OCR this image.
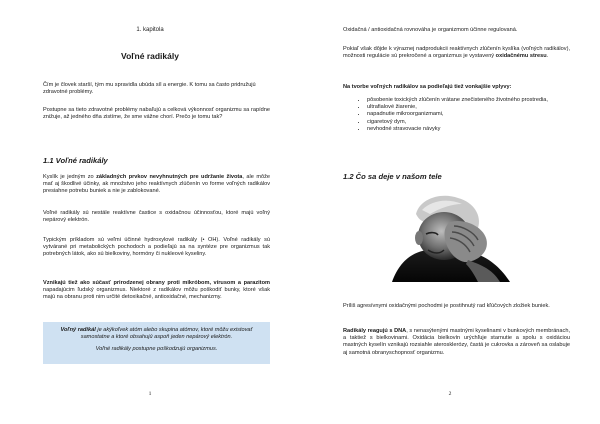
1. kapitola
Voľné radikály

Čím je človek starší, tým mu spravidla ubúda síl a energie. K tomu sa často pridružujú zdravotné problémy.

Postupne sa tieto zdravotné problémy nabaľujú a celková výkonnosť organizmu sa rapídne znižuje, až jedného dňa zistíme, že sme vážne chorí. Prečo je tomu tak?

1.1 Voľné radikály

Kyslík je jedným zo základných prvkov nevyhnutných pre udržanie života, ale môže mať aj škodlivé účinky, ak množstvo jeho reaktívnych zlúčenín vo forme voľných radikálov presiahne potrebu buniek a nie je zablokované.

Voľné radikály sú nestále reaktívne častice s oxidačnou účinnosťou, ktoré majú voľný nepárový elektrón.

Typickým príkladom sú veľmi účinné hydroxylové radikály (• OH). Voľné radikály sú vytvárané pri metabolických pochodoch a podieľajú sa na syntéze pre organizmus tak potrebných látok, ako sú bielkoviny, hormóny či nukleové kyseliny.

Vznikajú tiež ako súčasť prirodzenej obrany proti mikróbom, vírusom a parazitom napadajúcim ľudský organizmus. Niektoré z radikálov môžu poškodiť bunky, ktoré však majú na obranu proti nim určité detoxikačné, antioxidačné, mechanizmy.

Voľný radikál je akýkoľvek atóm alebo skupina atómov, ktoré môžu existovať samostatne a ktoré obsahujú aspoň jeden nepárový elektrón.

Voľné radikály postupne poškodzujú organizmus.

1

Oxidačná / antioxidačná rovnováha je organizmom účinne regulovaná.

Pokiaľ však dôjde k výraznej nadprodukcii reaktívnych zlúčenín kyslíka (voľných radikálov), možnosti regulácie sú prekročené a organizmus je vystavený oxidačnému stresu.

Na tvorbe voľných radikálov sa podieľajú tiež vonkajšie vplyvy:

• pôsobenie toxických zlúčenín vrátane znečisteného životného prostredia,
• ultrafialové žiarenie,
• napadnutie mikroorganizmami,
• cigaretový dym,
• nevhodné stravovacie návyky

1.2 Čo sa deje v našom tele

Príliš agresívnymi oxidačnými pochodmi je postihnutý rad kľúčových zložiek buniek.

Radikály reagujú s DNA, s nenasýtenými mastnými kyselinami v bunkových membránach, a taktiež s bielkovinami. Oxidácia bielkovín urýchľuje starnutie a spolu s oxidáciou mastných kyselín vznikajú rozsiahle aterosklerózy, častá je cukrovka a zároveň sa oslabuje aj samotná obranyschopnosť organizmu.

2
